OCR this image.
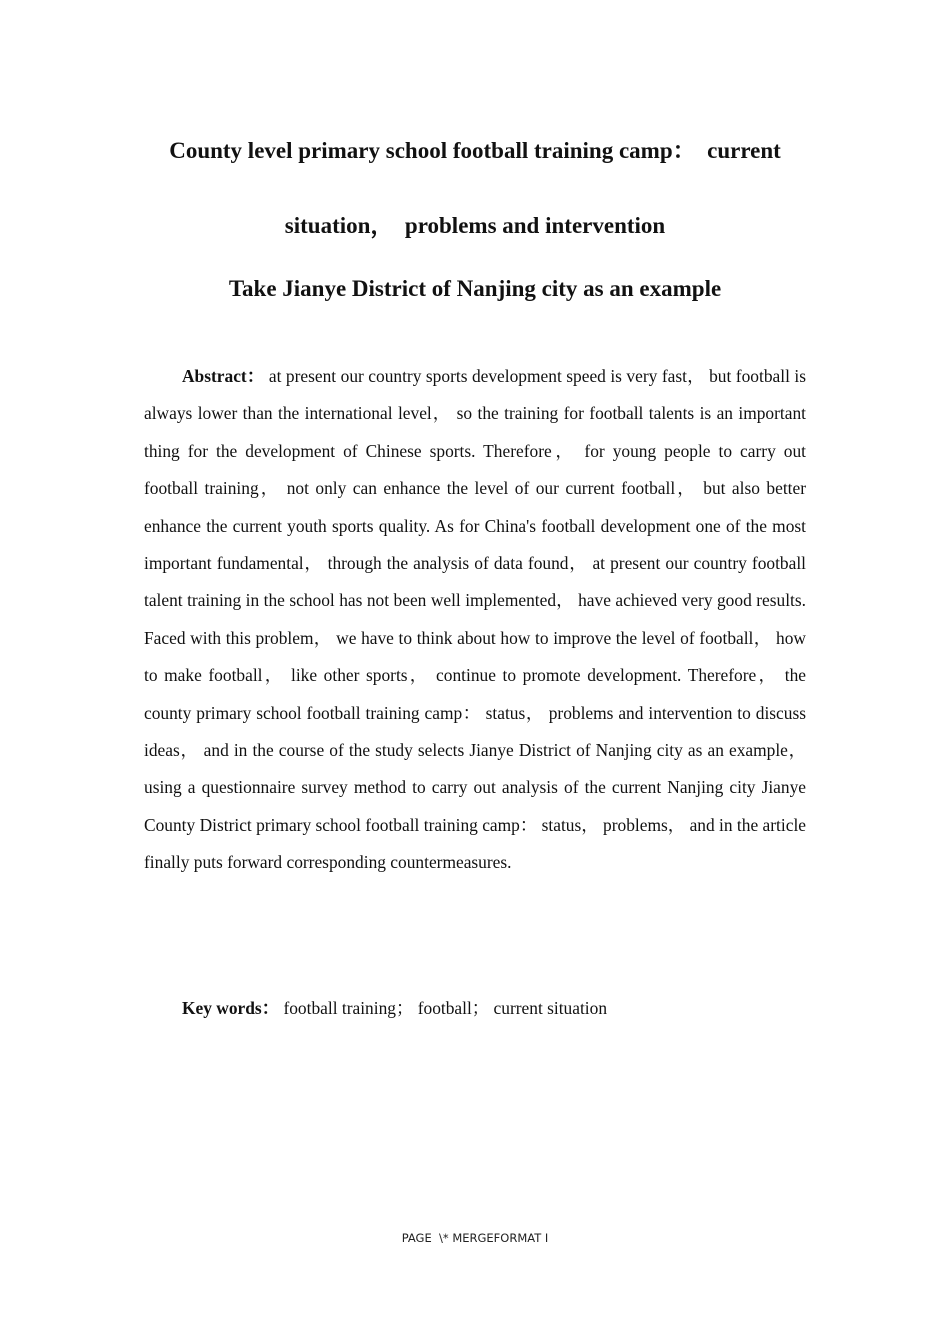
County level primary school football training camp：  current
situation，  problems and intervention
Take Jianye District of Nanjing city as an example
Abstract： at present our country sports development speed is very fast， but football is always lower than the international level， so the training for football talents is an important thing for the development of Chinese sports. Therefore， for young people to carry out football training， not only can enhance the level of our current football， but also better enhance the current youth sports quality. As for China's football development one of the most important fundamental， through the analysis of data found， at present our country football talent training in the school has not been well implemented， have achieved very good results. Faced with this problem， we have to think about how to improve the level of football， how to make football， like other sports， continue to promote development. Therefore， the county primary school football training camp： status， problems and intervention to discuss ideas， and in the course of the study selects Jianye District of Nanjing city as an example， using a questionnaire survey method to carry out analysis of the current Nanjing city Jianye County District primary school football training camp： status， problems， and in the article finally puts forward corresponding countermeasures.
Key words： football training； football； current situation
PAGE  \* MERGEFORMAT I
